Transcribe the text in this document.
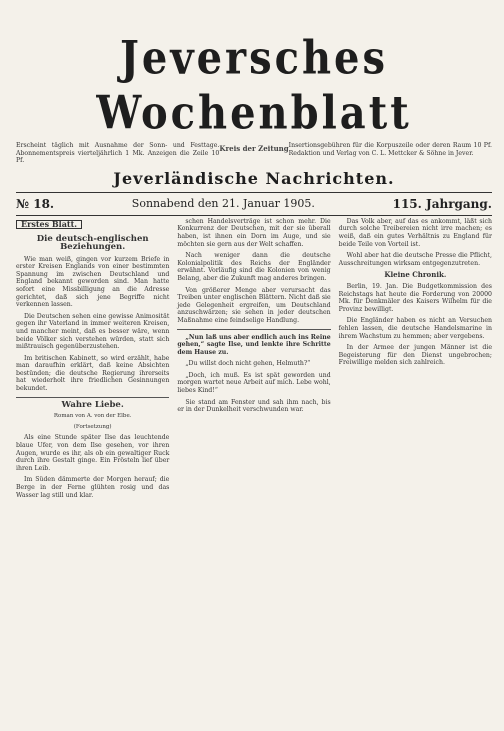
Jeversches Wochenblatt
Erscheint täglich mit Ausnahme der Sonn- und Festtage. Abonnementspreis vierteljährlich 1 Mk. Anzeigen die Zeile 10 Pf.
Kreis der Zeitung Insertionsgebühren für die Korpuszeile oder deren Raum 10 Pf. Redaktion und Verlag von C. L. Mettcker & Söhne in Jever.
Jeverländische Nachrichten.
№ 18.	Sonnabend den 21. Januar 1905.	115. Jahrgang.
Erstes Blatt.
Die deutsch-englischen Beziehungen.

Wie man weiß, gingen vor kurzem Briefe in erster Kreisen Englands von einer bestimmten Spannung im zwischen Deutschland und England bekannt geworden sind. Man hatte sofort eine Missbilligung an die Adresse gerichtet, daß sich jene Begriffe nicht verkennen lassen.

Die Deutschen sehen eine gewisse Animosität gegen ihr Vaterland in immer weiteren Kreisen, und mancher meint, daß es besser wäre, wenn beide Völker sich verstehen würden, statt sich mißtrauisch gegenüberzustehen.

Im britischen Kabinett, so wird erzählt, habe man daraufhin erklärt, daß keine Absichten bestünden; die deutsche Regierung ihrerseits hat wiederholt ihre friedlichen Gesinnungen bekundet.

Wahre Liebe.
Roman von A. von der Elbe.
(Fortsetzung)

Als eine Stunde später Ilse das leuchtende blaue Ufer, von dem Ilse gesehen, vor ihren Augen, wurde es ihr, als ob ein gewaltiger Ruck durch ihre Gestalt ginge. Ein Frösteln lief über ihren Leib.

Im Süden dämmerte der Morgen herauf; die Berge in der Ferne glühten rosig und das Wasser lag still und klar.

schen Handelsverträge ist schon mehr. Die Konkurrenz der Deutschen, mit der sie überall haben, ist ihnen ein Dorn im Auge, und sie möchten sie gern aus der Welt schaffen.

Nach weniger dann die deutsche Kolonialpolitik des Reichs der Engländer erwähnt. Vorläufig sind die Kolonien von wenig Belang, aber die Zukunft mag anderes bringen.

Von größerer Menge aber verursacht das Treiben unter englischen Blättern. Nicht daß sie jede Gelegenheit ergreifen, um Deutschland anzuschwärzen; sie sehen in jeder deutschen Maßnahme eine feindselige Handlung.

„Nun laß uns aber endlich auch ins Reine gehen,“ sagte Ilse, und lenkte ihre Schritte dem Hause zu.

„Du willst doch nicht gehen, Helmuth?“

„Doch, ich muß. Es ist spät geworden und morgen wartet neue Arbeit auf mich. Lebe wohl, liebes Kind!“

Sie stand am Fenster und sah ihm nach, bis er in der Dunkelheit verschwunden war.

Das Volk aber, auf das es ankommt, läßt sich durch solche Treibereien nicht irre machen; es weiß, daß ein gutes Verhältnis zu England für beide Teile von Vorteil ist.

Wohl aber hat die deutsche Presse die Pflicht, Ausschreitungen wirksam entgegenzutreten.

Kleine Chronik.

Berlin, 19. Jan. Die Budgetkommission des Reichstags hat heute die Forderung von 20000 Mk. für Denkmäler des Kaisers Wilhelm für die Provinz bewilligt.

Die Engländer haben es nicht an Versuchen fehlen lassen, die deutsche Handelsmarine in ihrem Wachstum zu hemmen; aber vergebens.

In der Armee der jungen Männer ist die Begeisterung für den Dienst ungebrochen; Freiwillige melden sich zahlreich.
